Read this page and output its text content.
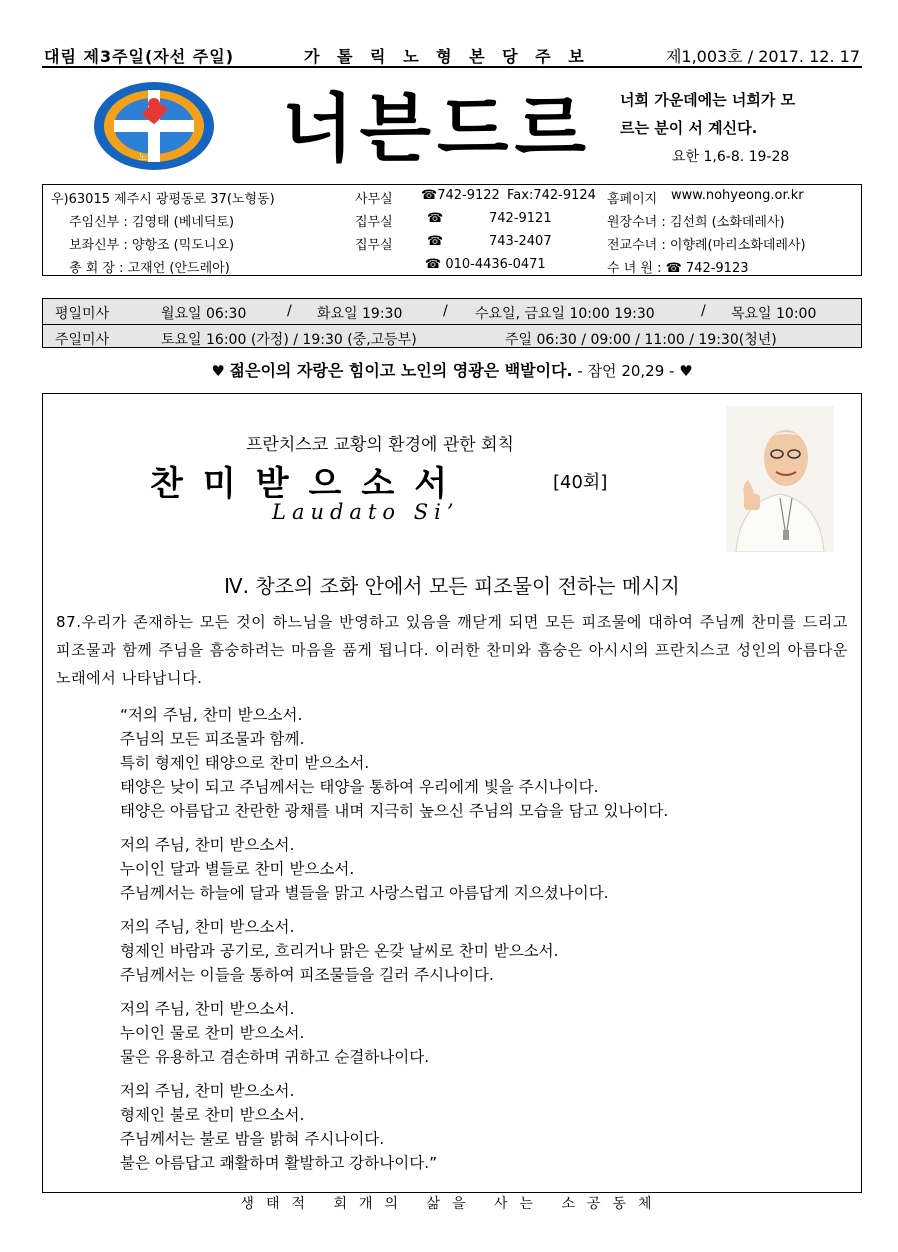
대림 제3주일(자선 주일)	가 톨 릭 노 형 본 당 주 보	제1,003호 / 2017. 12. 17
노 형 너븐드르 너희 가운데에는 너희가 모
르는 분이 서 계신다.
요한 1,6-8. 19-28
우)63015 제주시 광평동로 37(노형동)	사무실 ☎742-9122 Fax:742-9124 홈페이지 www.nohyeong.or.kr
주임신부 : 김영태 (베네딕토)	집무실	☎	742-9121	원장수녀 : 김선희 (소화데레사)
보좌신부 : 양항조 (믹도니오)	집무실	☎	743-2407	전교수녀 : 이향례(마리소화데레사)
총 회 장 : 고재언 (안드레아)	☎ 010-4436-0471	수 녀 원 : ☎ 742-9123
평일미사	월요일 06:30	/ 화요일 19:30	/ 수요일, 금요일 10:00 19:30	/ 목요일 10:00
주일미사	토요일 16:00 (가정) / 19:30 (중,고등부)	주일 06:30 / 09:00 / 11:00 / 19:30(청년)
♥ 젊은이의 자랑은 힘이고 노인의 영광은 백발이다. - 잠언 20,29 - ♥
프란치스코 교황의 환경에 관한 회칙
찬미받으소서	[40회]
Laudato Si’
Ⅳ. 창조의 조화 안에서 모든 피조물이 전하는 메시지
87.우리가 존재하는 모든 것이 하느님을 반영하고 있음을 깨닫게 되면 모든 피조물에 대하여 주님께 찬미를 드리고 피조물과 함께 주님을 흠숭하려는 마음을 품게 됩니다. 이러한 찬미와 흠숭은 아시시의 프란치스코 성인의 아름다운 노래에서 나타납니다.
“저의 주님, 찬미 받으소서.
주님의 모든 피조물과 함께.
특히 형제인 태양으로 찬미 받으소서.
태양은 낮이 되고 주님께서는 태양을 통하여 우리에게 빛을 주시나이다.
태양은 아름답고 찬란한 광채를 내며 지극히 높으신 주님의 모습을 담고 있나이다.
저의 주님, 찬미 받으소서.
누이인 달과 별들로 찬미 받으소서.
주님께서는 하늘에 달과 별들을 맑고 사랑스럽고 아름답게 지으셨나이다.
저의 주님, 찬미 받으소서.
형제인 바람과 공기로, 흐리거나 맑은 온갖 날씨로 찬미 받으소서.
주님께서는 이들을 통하여 피조물들을 길러 주시나이다.
저의 주님, 찬미 받으소서.
누이인 물로 찬미 받으소서.
물은 유용하고 겸손하며 귀하고 순결하나이다.
저의 주님, 찬미 받으소서.
형제인 불로 찬미 받으소서.
주님께서는 불로 밤을 밝혀 주시나이다.
불은 아름답고 쾌활하며 활발하고 강하나이다.”
생태적 회개의 삶을 사는 소공동체
